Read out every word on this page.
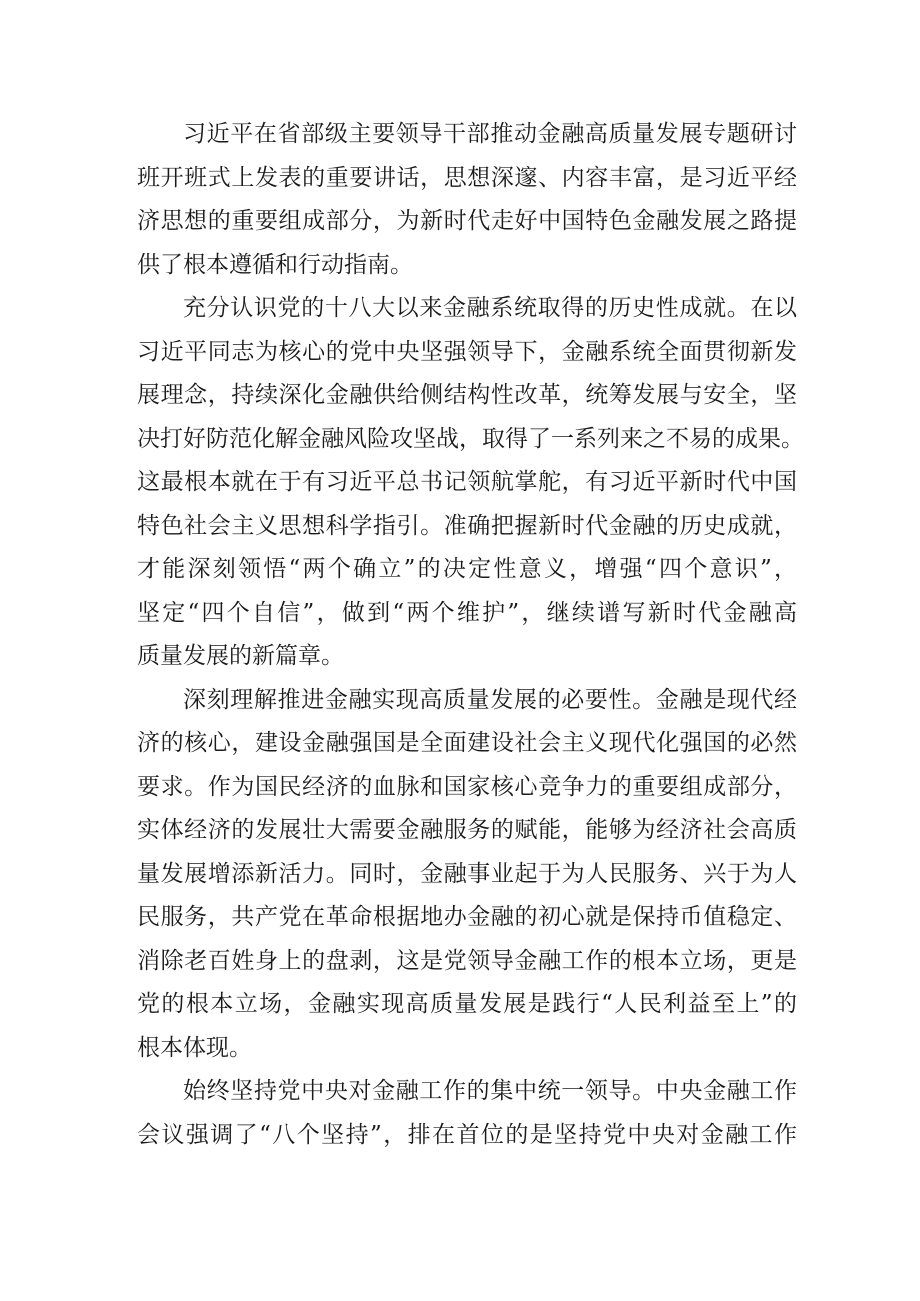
习近平在省部级主要领导干部推动金融高质量发展专题研讨
班开班式上发表的重要讲话，思想深邃、内容丰富，是习近平经
济思想的重要组成部分，为新时代走好中国特色金融发展之路提
供了根本遵循和行动指南。
充分认识党的十八大以来金融系统取得的历史性成就。在以
习近平同志为核心的党中央坚强领导下，金融系统全面贯彻新发
展理念，持续深化金融供给侧结构性改革，统筹发展与安全，坚
决打好防范化解金融风险攻坚战，取得了一系列来之不易的成果。
这最根本就在于有习近平总书记领航掌舵，有习近平新时代中国
特色社会主义思想科学指引。准确把握新时代金融的历史成就，
才能深刻领悟“两个确立”的决定性意义，增强“四个意识”，
坚定“四个自信”，做到“两个维护”，继续谱写新时代金融高
质量发展的新篇章。
深刻理解推进金融实现高质量发展的必要性。金融是现代经
济的核心，建设金融强国是全面建设社会主义现代化强国的必然
要求。作为国民经济的血脉和国家核心竞争力的重要组成部分，
实体经济的发展壮大需要金融服务的赋能，能够为经济社会高质
量发展增添新活力。同时，金融事业起于为人民服务、兴于为人
民服务，共产党在革命根据地办金融的初心就是保持币值稳定、
消除老百姓身上的盘剥，这是党领导金融工作的根本立场，更是
党的根本立场，金融实现高质量发展是践行“人民利益至上”的
根本体现。
始终坚持党中央对金融工作的集中统一领导。中央金融工作
会议强调了“八个坚持”，排在首位的是坚持党中央对金融工作
